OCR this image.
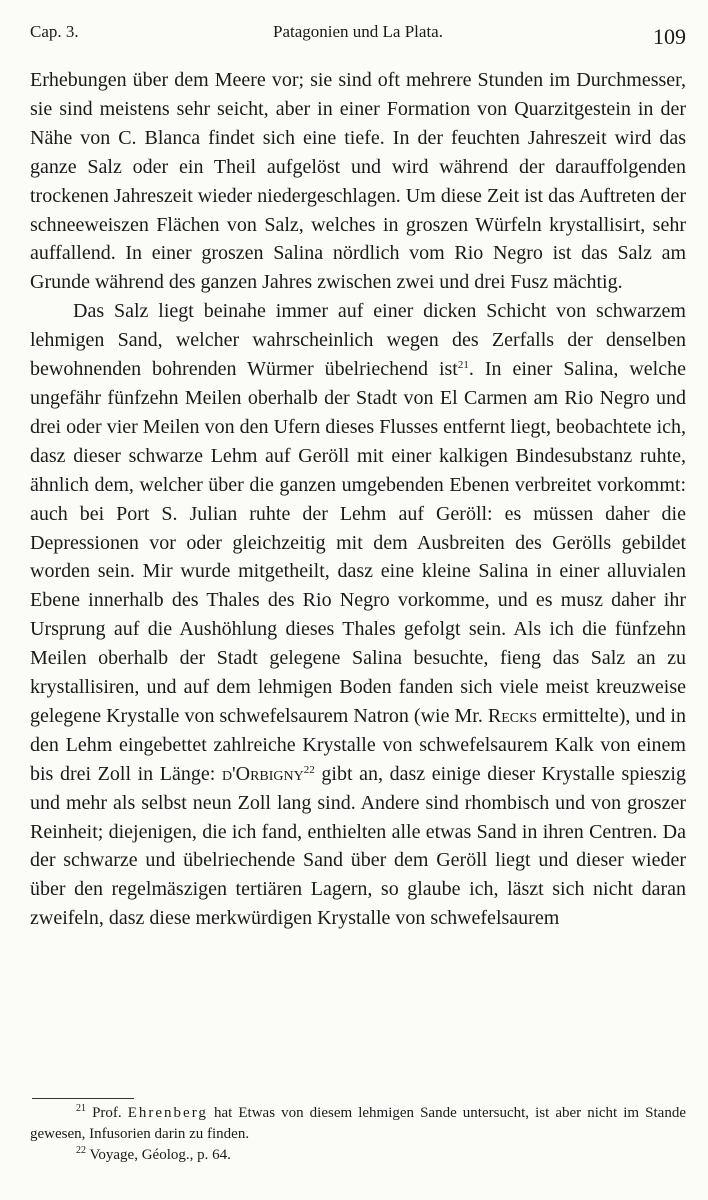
Cap. 3.	Patagonien und La Plata.	109

Erhebungen über dem Meere vor; sie sind oft mehrere Stunden im Durchmesser, sie sind meistens sehr seicht, aber in einer Formation von Quarzitgestein in der Nähe von C. Blanca findet sich eine tiefe. In der feuchten Jahreszeit wird das ganze Salz oder ein Theil aufgelöst und wird während der darauffolgenden trockenen Jahreszeit wieder niedergeschlagen. Um diese Zeit ist das Auftreten der schneeweiszen Flächen von Salz, welches in groszen Würfeln krystallisirt, sehr auffallend. In einer groszen Salina nördlich vom Rio Negro ist das Salz am Grunde während des ganzen Jahres zwischen zwei und drei Fusz mächtig.

Das Salz liegt beinahe immer auf einer dicken Schicht von schwarzem lehmigen Sand, welcher wahrscheinlich wegen des Zerfalls der denselben bewohnenden bohrenden Würmer übelriechend ist$^{21}$. In einer Salina, welche ungefähr fünfzehn Meilen oberhalb der Stadt von El Carmen am Rio Negro und drei oder vier Meilen von den Ufern dieses Flusses entfernt liegt, beobachtete ich, dasz dieser schwarze Lehm auf Geröll mit einer kalkigen Bindesubstanz ruhte, ähnlich dem, welcher über die ganzen umgebenden Ebenen verbreitet vorkommt: auch bei Port S. Julian ruhte der Lehm auf Geröll: es müssen daher die Depressionen vor oder gleichzeitig mit dem Ausbreiten des Gerölls gebildet worden sein. Mir wurde mitgetheilt, dasz eine kleine Salina in einer alluvialen Ebene innerhalb des Thales des Rio Negro vorkomme, und es musz daher ihr Ursprung auf die Aushöhlung dieses Thales gefolgt sein. Als ich die fünfzehn Meilen oberhalb der Stadt gelegene Salina besuchte, fieng das Salz an zu krystallisiren, und auf dem lehmigen Boden fanden sich viele meist kreuzweise gelegene Krystalle von schwefelsaurem Natron (wie Mr. Recks ermittelte), und in den Lehm eingebettet zahlreiche Krystalle von schwefelsaurem Kalk von einem bis drei Zoll in Länge: d'Orbigny$^{22}$ gibt an, dasz einige dieser Krystalle spieszig und mehr als selbst neun Zoll lang sind. Andere sind rhombisch und von groszer Reinheit; diejenigen, die ich fand, enthielten alle etwas Sand in ihren Centren. Da der schwarze und übelriechende Sand über dem Geröll liegt und dieser wieder über den regelmäszigen tertiären Lagern, so glaube ich, läszt sich nicht daran zweifeln, dasz diese merkwürdigen Krystalle von schwefelsaurem

$^{21}$ Prof. Ehrenberg hat Etwas von diesem lehmigen Sande untersucht, ist aber nicht im Stande gewesen, Infusorien darin zu finden.

$^{22}$ Voyage, Géolog., p. 64.
